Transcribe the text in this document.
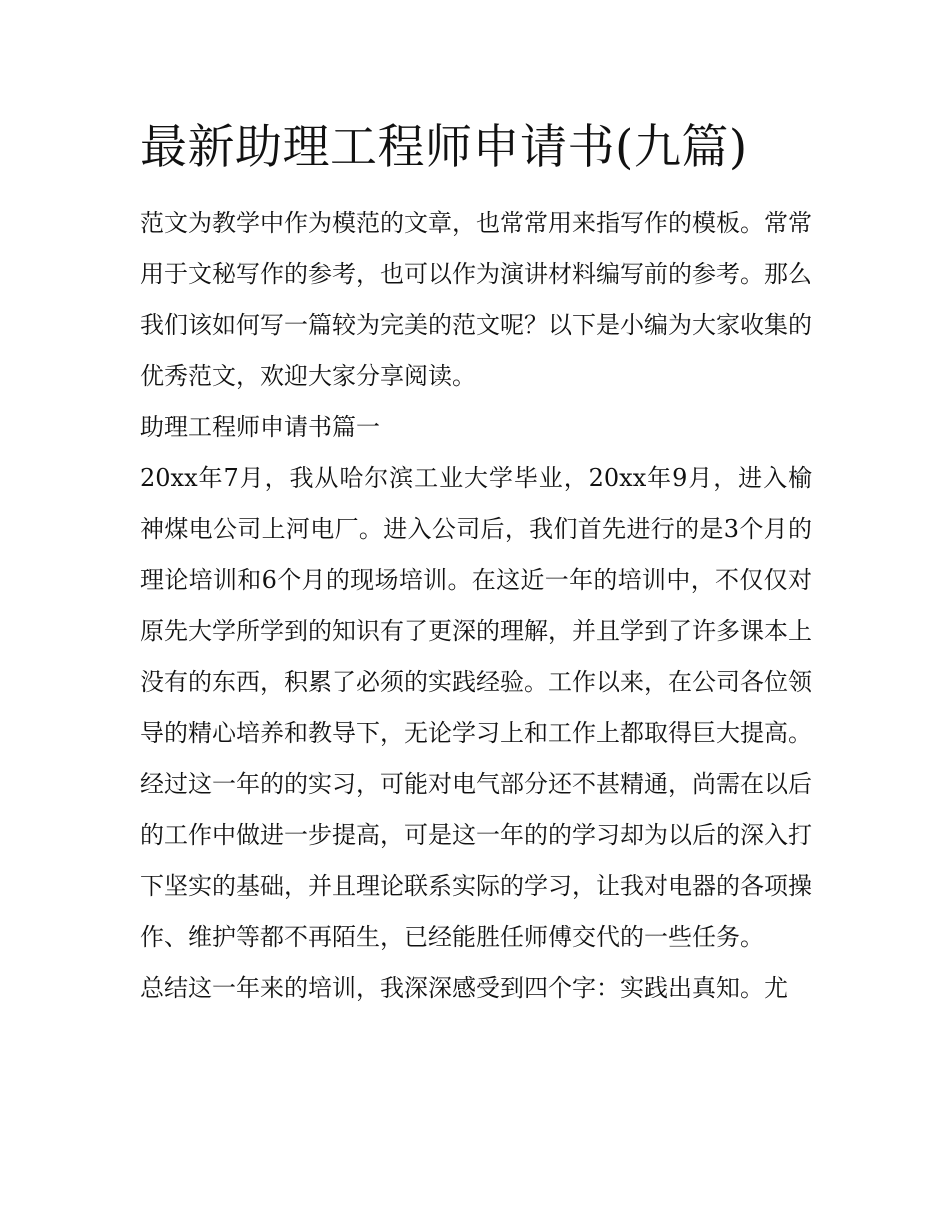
最新助理工程师申请书(九篇)

范文为教学中作为模范的文章，也常常用来指写作的模板。常常用于文秘写作的参考，也可以作为演讲材料编写前的参考。那么我们该如何写一篇较为完美的范文呢？以下是小编为大家收集的优秀范文，欢迎大家分享阅读。

助理工程师申请书篇一

20xx年7月，我从哈尔滨工业大学毕业，20xx年9月，进入榆神煤电公司上河电厂。进入公司后，我们首先进行的是3个月的理论培训和6个月的现场培训。在这近一年的培训中，不仅仅对原先大学所学到的知识有了更深的理解，并且学到了许多课本上没有的东西，积累了必须的实践经验。工作以来，在公司各位领导的精心培养和教导下，无论学习上和工作上都取得巨大提高。

经过这一年的的实习，可能对电气部分还不甚精通，尚需在以后的工作中做进一步提高，可是这一年的的学习却为以后的深入打下坚实的基础，并且理论联系实际的学习，让我对电器的各项操作、维护等都不再陌生，已经能胜任师傅交代的一些任务。

总结这一年来的培训，我深深感受到四个字：实践出真知。尤
